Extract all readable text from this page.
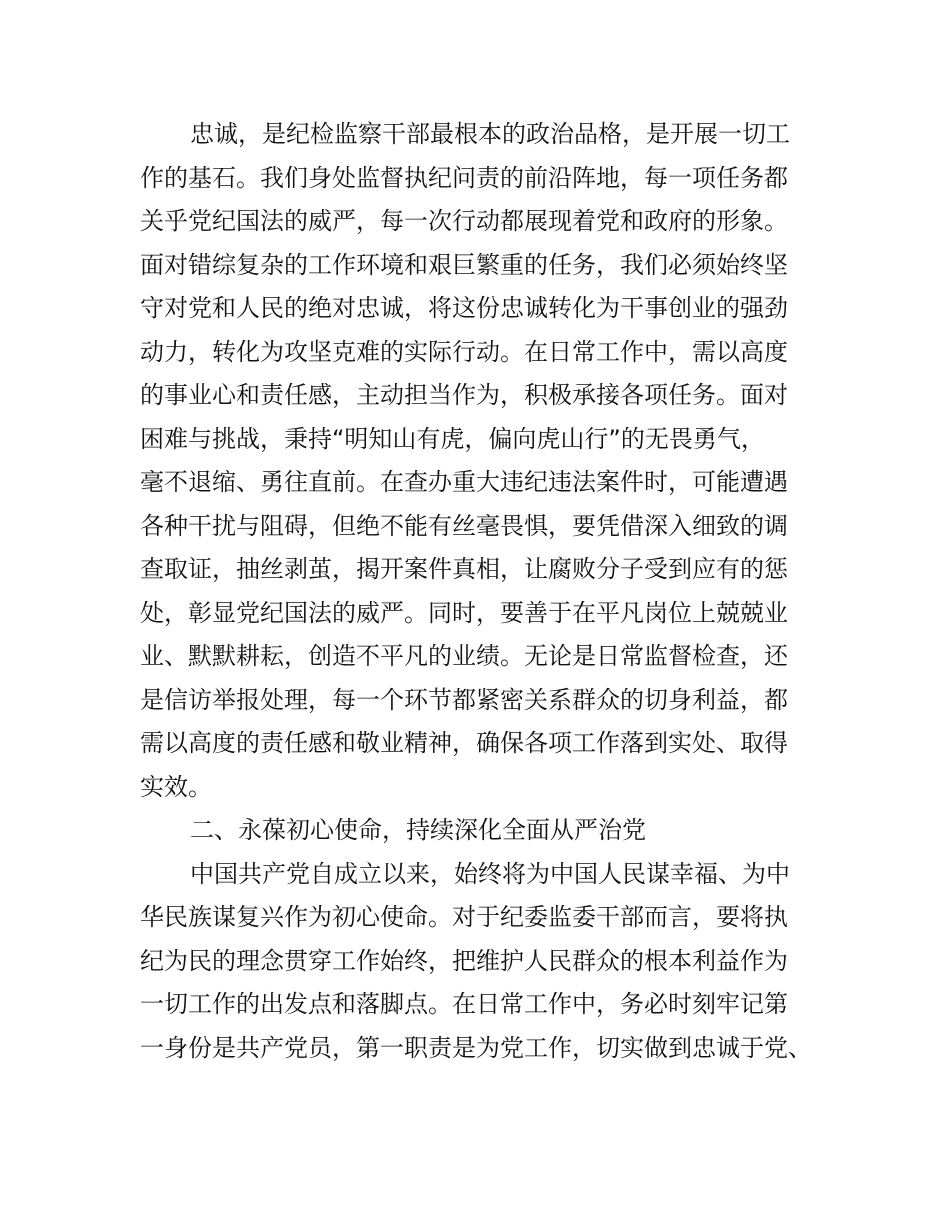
忠诚，是纪检监察干部最根本的政治品格，是开展一切工
作的基石。我们身处监督执纪问责的前沿阵地，每一项任务都
关乎党纪国法的威严，每一次行动都展现着党和政府的形象。
面对错综复杂的工作环境和艰巨繁重的任务，我们必须始终坚
守对党和人民的绝对忠诚，将这份忠诚转化为干事创业的强劲
动力，转化为攻坚克难的实际行动。在日常工作中，需以高度
的事业心和责任感，主动担当作为，积极承接各项任务。面对
困难与挑战，秉持“明知山有虎，偏向虎山行”的无畏勇气，
毫不退缩、勇往直前。在查办重大违纪违法案件时，可能遭遇
各种干扰与阻碍，但绝不能有丝毫畏惧，要凭借深入细致的调
查取证，抽丝剥茧，揭开案件真相，让腐败分子受到应有的惩
处，彰显党纪国法的威严。同时，要善于在平凡岗位上兢兢业
业、默默耕耘，创造不平凡的业绩。无论是日常监督检查，还
是信访举报处理，每一个环节都紧密关系群众的切身利益，都
需以高度的责任感和敬业精神，确保各项工作落到实处、取得
实效。
二、永葆初心使命，持续深化全面从严治党
中国共产党自成立以来，始终将为中国人民谋幸福、为中
华民族谋复兴作为初心使命。对于纪委监委干部而言，要将执
纪为民的理念贯穿工作始终，把维护人民群众的根本利益作为
一切工作的出发点和落脚点。在日常工作中，务必时刻牢记第
一身份是共产党员，第一职责是为党工作，切实做到忠诚于党、
